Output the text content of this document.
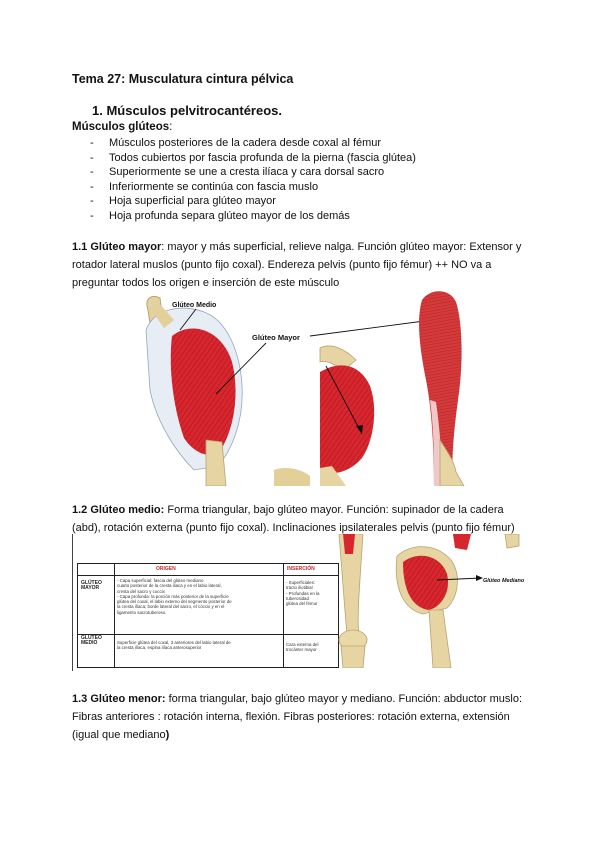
Tema 27: Musculatura cintura pélvica
1. Músculos pelvitrocantéreos.
Músculos glúteos:
- Músculos posteriores de la cadera desde coxal al fémur
- Todos cubiertos por fascia profunda de la pierna (fascia glútea)
- Superiormente se une a cresta ilíaca y cara dorsal sacro
- Inferiormente se continúa con fascia muslo
- Hoja superficial para glúteo mayor
- Hoja profunda separa glúteo mayor de los demás
1.1 Glúteo mayor: mayor y más superficial, relieve nalga. Función glúteo mayor: Extensor y
rotador lateral muslos (punto fijo coxal). Endereza pelvis (punto fijo fémur) ++ NO va a
preguntar todos los origen e inserción de este músculo
Glúteo Medio
Glúteo Mayor
1.2 Glúteo medio: Forma triangular, bajo glúteo mayor. Función: supinador de la cadera
(abd), rotación externa (punto fijo coxal). Inclinaciones ipsilaterales pelvis (punto fijo fémur)
ORIGEN	INSERCIÓN
GLÚTEO
MAYOR
- Capa superficial: fascia del glúteo mediano
cuarto posterior de la cresta iliaca y en el labio lateral,
cresta del sacro y coccix
- Capa profunda: la porción más posterior de la superficie
glútea del coxal, el labio externo del segmento posterior de
la cresta ilíaca; borde lateral del sacro, el cóccix y en el
ligamento sacrotuberoso.
- Superficiales:
tracto iliotibial
- Profundas en la
tuberosidad
glútea del fémur
GLÚTEO
MEDIO	Superficie glútea del coxal, 3 anteriores del labio lateral de
la cresta ilíaca, espina ilíaca anterosuperior
Cara externa del
trocánter mayor
Glúteo Mediano
1.3 Glúteo menor: forma triangular, bajo glúteo mayor y mediano. Función: abductor muslo:
Fibras anteriores : rotación interna, flexión. Fibras posteriores: rotación externa, extensión
(igual que mediano)
